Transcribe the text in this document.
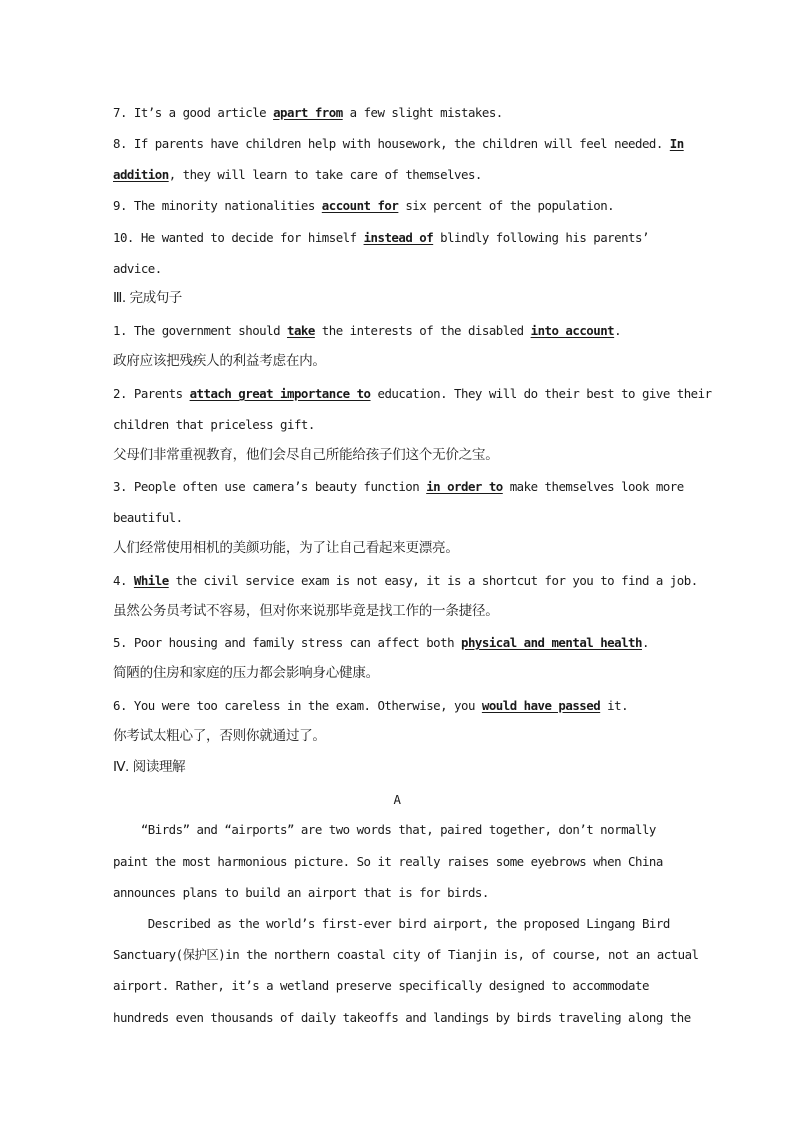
7. It’s a good article apart from a few slight mistakes.
8. If parents have children help with housework, the children will feel needed. In
addition, they will learn to take care of themselves.
9. The minority nationalities account for six percent of the population.
10. He wanted to decide for himself instead of blindly following his parents’
advice.
Ⅲ. 完成句子
1. The government should take the interests of the disabled into account.
政府应该把残疾人的利益考虑在内。
2. Parents attach great importance to education. They will do their best to give their
children that priceless gift.
父母们非常重视教育，他们会尽自己所能给孩子们这个无价之宝。
3. People often use camera’s beauty function in order to make themselves look more
beautiful.
人们经常使用相机的美颜功能，为了让自己看起来更漂亮。
4. While the civil service exam is not easy, it is a shortcut for you to find a job.
虽然公务员考试不容易，但对你来说那毕竟是找工作的一条捷径。
5. Poor housing and family stress can affect both physical and mental health.
简陋的住房和家庭的压力都会影响身心健康。
6. You were too careless in the exam. Otherwise, you would have passed it.
你考试太粗心了，否则你就通过了。
Ⅳ. 阅读理解
A
“Birds” and “airports” are two words that, paired together, don’t normally
paint the most harmonious picture. So it really raises some eyebrows when China
announces plans to build an airport that is for birds.
Described as the world’s first-ever bird airport, the proposed Lingang Bird
Sanctuary(保护区)in the northern coastal city of Tianjin is, of course, not an actual
airport. Rather, it’s a wetland preserve specifically designed to accommodate
hundreds even thousands of daily takeoffs and landings by birds traveling along the
